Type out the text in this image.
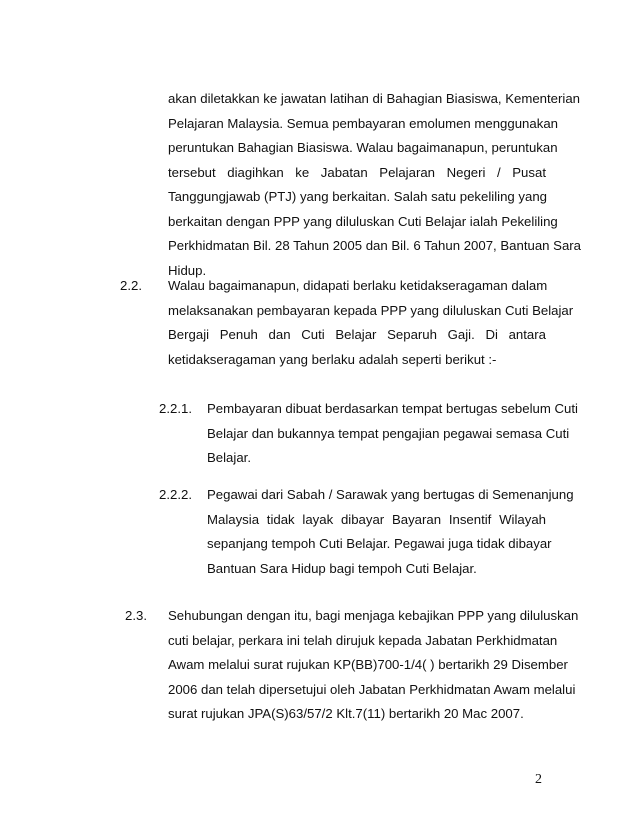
akan diletakkan ke jawatan latihan di Bahagian Biasiswa, Kementerian
Pelajaran Malaysia. Semua pembayaran emolumen menggunakan
peruntukan Bahagian Biasiswa. Walau bagaimanapun, peruntukan
tersebut diagihkan ke Jabatan Pelajaran Negeri / Pusat
Tanggungjawab (PTJ) yang berkaitan. Salah satu pekeliling yang
berkaitan dengan PPP yang diluluskan Cuti Belajar ialah Pekeliling
Perkhidmatan Bil. 28 Tahun 2005 dan Bil. 6 Tahun 2007, Bantuan Sara
Hidup.
2.2. Walau bagaimanapun, didapati berlaku ketidakseragaman dalam
melaksanakan pembayaran kepada PPP yang diluluskan Cuti Belajar
Bergaji Penuh dan Cuti Belajar Separuh Gaji. Di antara
ketidakseragaman yang berlaku adalah seperti berikut :-
2.2.1. Pembayaran dibuat berdasarkan tempat bertugas sebelum Cuti
Belajar dan bukannya tempat pengajian pegawai semasa Cuti
Belajar.
2.2.2. Pegawai dari Sabah / Sarawak yang bertugas di Semenanjung
Malaysia tidak layak dibayar Bayaran Insentif Wilayah
sepanjang tempoh Cuti Belajar. Pegawai juga tidak dibayar
Bantuan Sara Hidup bagi tempoh Cuti Belajar.
2.3. Sehubungan dengan itu, bagi menjaga kebajikan PPP yang diluluskan
cuti belajar, perkara ini telah dirujuk kepada Jabatan Perkhidmatan
Awam melalui surat rujukan KP(BB)700-1/4( ) bertarikh 29 Disember
2006 dan telah dipersetujui oleh Jabatan Perkhidmatan Awam melalui
surat rujukan JPA(S)63/57/2 Klt.7(11) bertarikh 20 Mac 2007.
2
